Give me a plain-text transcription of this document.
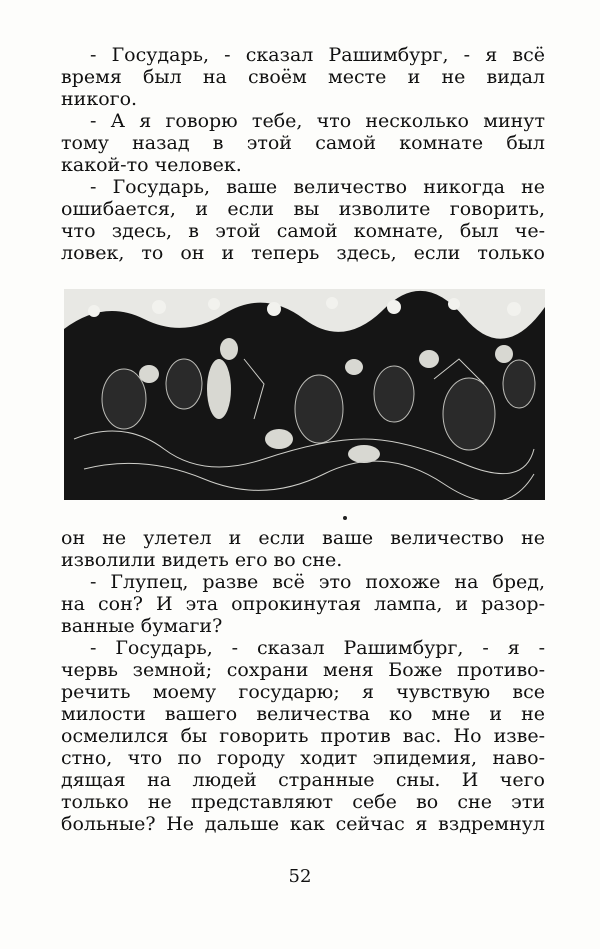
- Государь, - сказал Рашимбург, - я всё
время был на своём месте и не видал
никого.
- А я говорю тебе, что несколько минут
тому назад в этой самой комнате был
какой-то человек.
- Государь, ваше величество никогда не
ошибается, и если вы изволите говорить,
что здесь, в этой самой комнате, был че-
ловек, то он и теперь здесь, если только
он не улетел и если ваше величество не
изволили видеть его во сне.
- Глупец, разве всё это похоже на бред,
на сон? И эта опрокинутая лампа, и разор-
ванные бумаги?
- Государь, - сказал Рашимбург, - я -
червь земной; сохрани меня Боже противо-
речить моему государю; я чувствую все
милости вашего величества ко мне и не
осмелился бы говорить против вас. Но изве-
стно, что по городу ходит эпидемия, наво-
дящая на людей странные сны. И чего
только не представляют себе во сне эти
больные? Не дальше как сейчас я вздремнул
52
